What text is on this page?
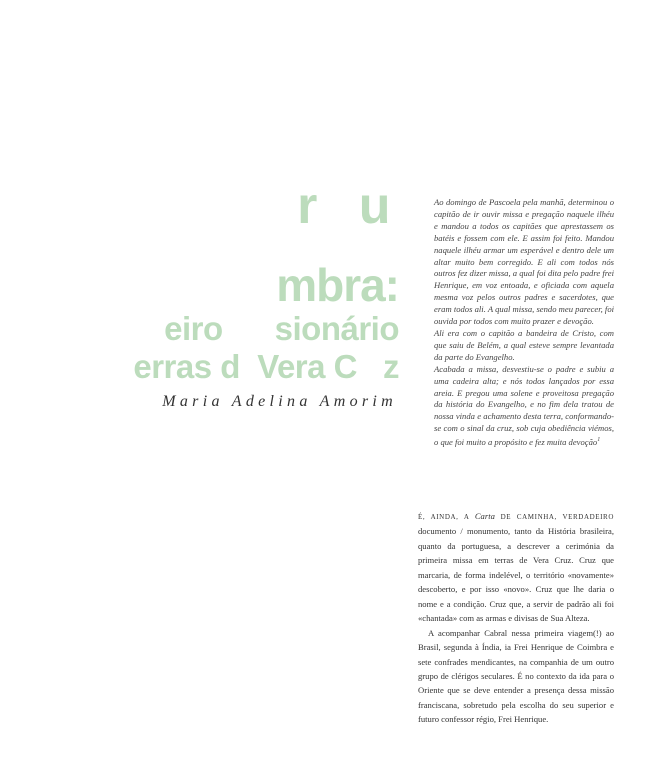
r   u
mbra:
eiro      sionário
erras d  Vera C   z

Maria Adelina Amorim

Ao domingo de Pascoela pela manhã, determinou o capitão de ir ouvir missa e pregação naquele ilhéu e mandou a todos os capitães que aprestassem os batéis e fossem com ele. E assim foi feito. Mandou naquele ilhéu armar um esperável e dentro dele um altar muito bem corregido. E ali com todos nós outros fez dizer missa, a qual foi dita pelo padre frei Henrique, em voz entoada, e oficiada com aquela mesma voz pelos outros padres e sacerdotes, que eram todos ali. A qual missa, sendo meu parecer, foi ouvida por todos com muito prazer e devoção.

Ali era com o capitão a bandeira de Cristo, com que saiu de Belém, a qual esteve sempre levantada da parte do Evangelho.

Acabada a missa, desvestiu-se o padre e subiu a uma cadeira alta; e nós todos lançados por essa areia. E pregou uma solene e proveitosa pregação da história do Evangelho, e no fim dela tratou de nossa vinda e achamento desta terra, conformando-se com o sinal da cruz, sob cuja obediência viémos, o que foi muito a propósito e fez muita devoção$^1$

É, AINDA, A Carta DE CAMINHA, VERDADEIRO documento / monumento, tanto da História brasileira, quanto da portuguesa, a descrever a cerimónia da primeira missa em terras de Vera Cruz. Cruz que marcaria, de forma indelével, o território «novamente» descoberto, e por isso «novo». Cruz que lhe daria o nome e a condição. Cruz que, a servir de padrão ali foi «chantada» com as armas e divisas de Sua Alteza.

A acompanhar Cabral nessa primeira viagem(!) ao Brasil, segunda à Índia, ia Frei Henrique de Coimbra e sete confrades mendicantes, na companhia de um outro grupo de clérigos seculares. É no contexto da ida para o Oriente que se deve entender a presença dessa missão franciscana, sobretudo pela escolha do seu superior e futuro confessor régio, Frei Henrique.
